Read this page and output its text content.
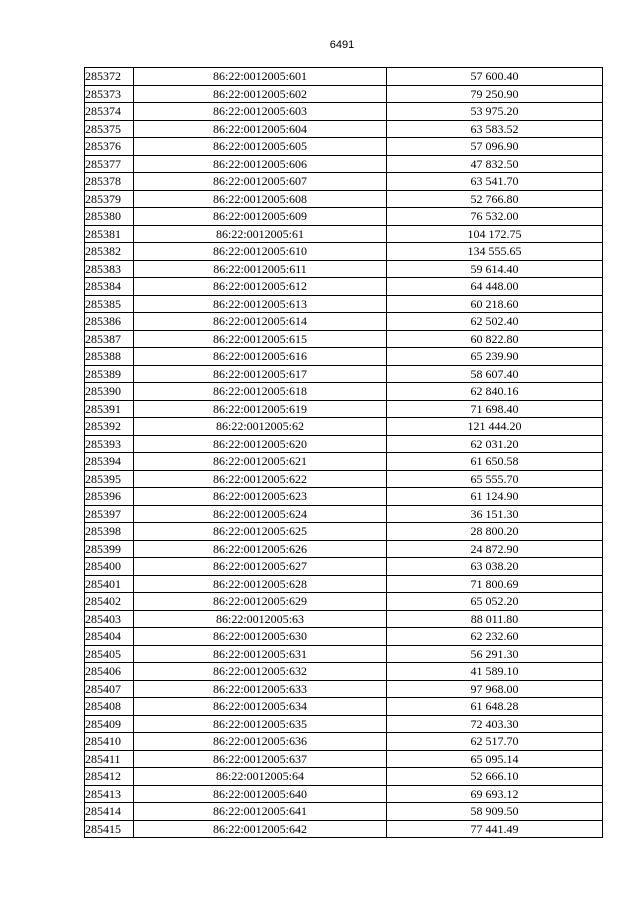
6491
285372	86:22:0012005:601	57 600.40
285373	86:22:0012005:602	79 250.90
285374	86:22:0012005:603	53 975.20
285375	86:22:0012005:604	63 583.52
285376	86:22:0012005:605	57 096.90
285377	86:22:0012005:606	47 832.50
285378	86:22:0012005:607	63 541.70
285379	86:22:0012005:608	52 766.80
285380	86:22:0012005:609	76 532.00
285381	86:22:0012005:61	104 172.75
285382	86:22:0012005:610	134 555.65
285383	86:22:0012005:611	59 614.40
285384	86:22:0012005:612	64 448.00
285385	86:22:0012005:613	60 218.60
285386	86:22:0012005:614	62 502.40
285387	86:22:0012005:615	60 822.80
285388	86:22:0012005:616	65 239.90
285389	86:22:0012005:617	58 607.40
285390	86:22:0012005:618	62 840.16
285391	86:22:0012005:619	71 698.40
285392	86:22:0012005:62	121 444.20
285393	86:22:0012005:620	62 031.20
285394	86:22:0012005:621	61 650.58
285395	86:22:0012005:622	65 555.70
285396	86:22:0012005:623	61 124.90
285397	86:22:0012005:624	36 151.30
285398	86:22:0012005:625	28 800.20
285399	86:22:0012005:626	24 872.90
285400	86:22:0012005:627	63 038.20
285401	86:22:0012005:628	71 800.69
285402	86:22:0012005:629	65 052.20
285403	86:22:0012005:63	88 011.80
285404	86:22:0012005:630	62 232.60
285405	86:22:0012005:631	56 291.30
285406	86:22:0012005:632	41 589.10
285407	86:22:0012005:633	97 968.00
285408	86:22:0012005:634	61 648.28
285409	86:22:0012005:635	72 403.30
285410	86:22:0012005:636	62 517.70
285411	86:22:0012005:637	65 095.14
285412	86:22:0012005:64	52 666.10
285413	86:22:0012005:640	69 693.12
285414	86:22:0012005:641	58 909.50
285415	86:22:0012005:642	77 441.49
